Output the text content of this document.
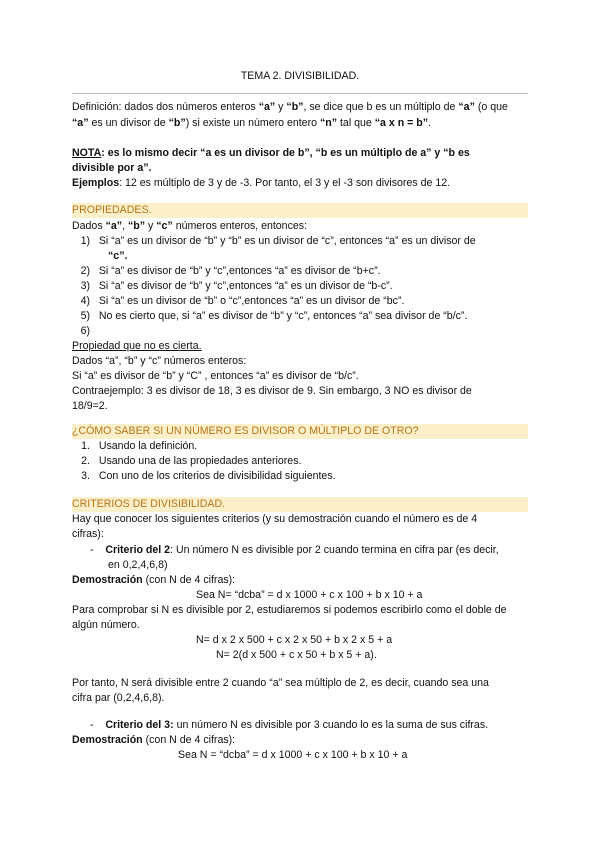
TEMA 2. DIVISIBILIDAD.
Definición: dados dos números enteros “a” y “b”, se dice que b es un múltiplo de “a” (o que
“a” es un divisor de “b”) si existe un número entero “n” tal que “a x n = b”.
NOTA: es lo mismo decir “a es un divisor de b”, “b es un múltiplo de a” y “b es
divisible por a”.
Ejemplos: 12 es múltiplo de 3 y de -3. Por tanto, el 3 y el -3 son divisores de 12.
PROPIEDADES.
Dados “a”, “b” y “c” números enteros, entonces:
1) Si “a” es un divisor de “b” y “b” es un divisor de “c”, entonces “a” es un divisor de
“c”.
2) Si “a” es divisor de “b” y “c”,entonces “a” es divisor de “b+c”.
3) Si “a” es divisor de “b” y “c”,entonces “a” es un divisor de “b-c”.
4) Si “a” es un divisor de “b” o “c”,entonces “a” es un divisor de “bc”.
5) No es cierto que, si “a” es divisor de “b” y “c”, entonces “a” sea divisor de “b/c”.
6)
Propiedad que no es cierta.
Dados “a”, “b” y “c” números enteros:
Si “a” es divisor de “b” y “C” , entonces “a” es divisor de “b/c”.
Contraejemplo: 3 es divisor de 18, 3 es divisor de 9. Sin embargo, 3 NO es divisor de
18/9=2.
¿CÓMO SABER SI UN NÚMERO ES DIVISOR O MÚLTIPLO DE OTRO?
1. Usando la definición.
2. Usando una de las propiedades anteriores.
3. Con uno de los criterios de divisibilidad siguientes.
CRITERIOS DE DIVISIBILIDAD.
Hay que conocer los siguientes criterios (y su demostración cuando el número es de 4
cifras):
- Criterio del 2: Un número N es divisible por 2 cuando termina en cifra par (es decir,
en 0,2,4,6,8)
Demostración (con N de 4 cifras):
Sea N= “dcba” = d x 1000 + c x 100 + b x 10 + a
Para comprobar si N es divisible por 2, estudiaremos si podemos escribirlo como el doble de
algún número.
N= d x 2 x 500 + c x 2 x 50 + b x 2 x 5 + a
N= 2(d x 500 + c x 50 + b x 5 + a).
Por tanto, N será divisible entre 2 cuando “a” sea múltiplo de 2, es decir, cuando sea una
cifra par (0,2,4,6,8).
- Criterio del 3: un número N es divisible por 3 cuando lo es la suma de sus cifras.
Demostración (con N de 4 cifras):
Sea N = “dcba” = d x 1000 + c x 100 + b x 10 + a
